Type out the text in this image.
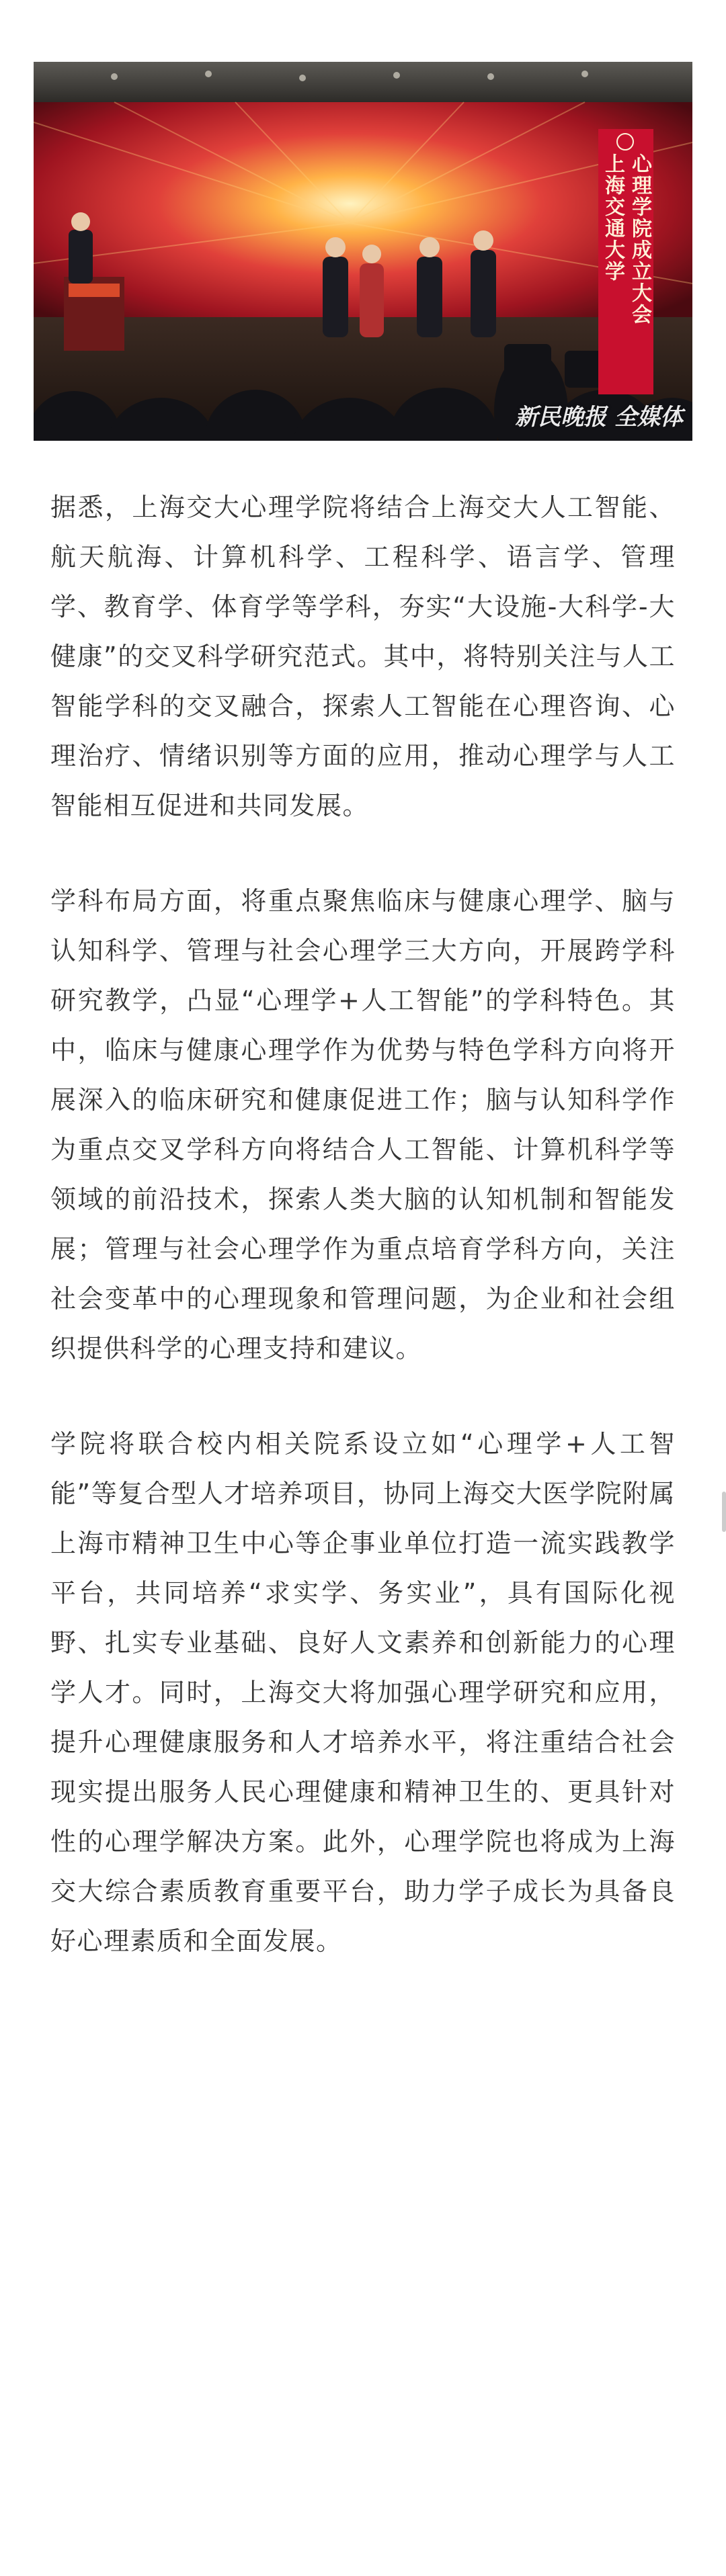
心理学院成立大会
上海交通大学
新民晚报 全媒体

据悉，上海交大心理学院将结合上海交大人工智能、航天航海、计算机科学、工程科学、语言学、管理学、教育学、体育学等学科，夯实“大设施-大科学-大健康”的交叉科学研究范式。其中，将特别关注与人工智能学科的交叉融合，探索人工智能在心理咨询、心理治疗、情绪识别等方面的应用，推动心理学与人工智能相互促进和共同发展。

学科布局方面，将重点聚焦临床与健康心理学、脑与认知科学、管理与社会心理学三大方向，开展跨学科研究教学，凸显“心理学+人工智能”的学科特色。其中，临床与健康心理学作为优势与特色学科方向将开展深入的临床研究和健康促进工作；脑与认知科学作为重点交叉学科方向将结合人工智能、计算机科学等领域的前沿技术，探索人类大脑的认知机制和智能发展；管理与社会心理学作为重点培育学科方向，关注社会变革中的心理现象和管理问题，为企业和社会组织提供科学的心理支持和建议。

学院将联合校内相关院系设立如“心理学+人工智能”等复合型人才培养项目，协同上海交大医学院附属上海市精神卫生中心等企事业单位打造一流实践教学平台，共同培养“求实学、务实业”，具有国际化视野、扎实专业基础、良好人文素养和创新能力的心理学人才。同时，上海交大将加强心理学研究和应用，提升心理健康服务和人才培养水平，将注重结合社会现实提出服务人民心理健康和精神卫生的、更具针对性的心理学解决方案。此外，心理学院也将成为上海交大综合素质教育重要平台，助力学子成长为具备良好心理素质和全面发展。
